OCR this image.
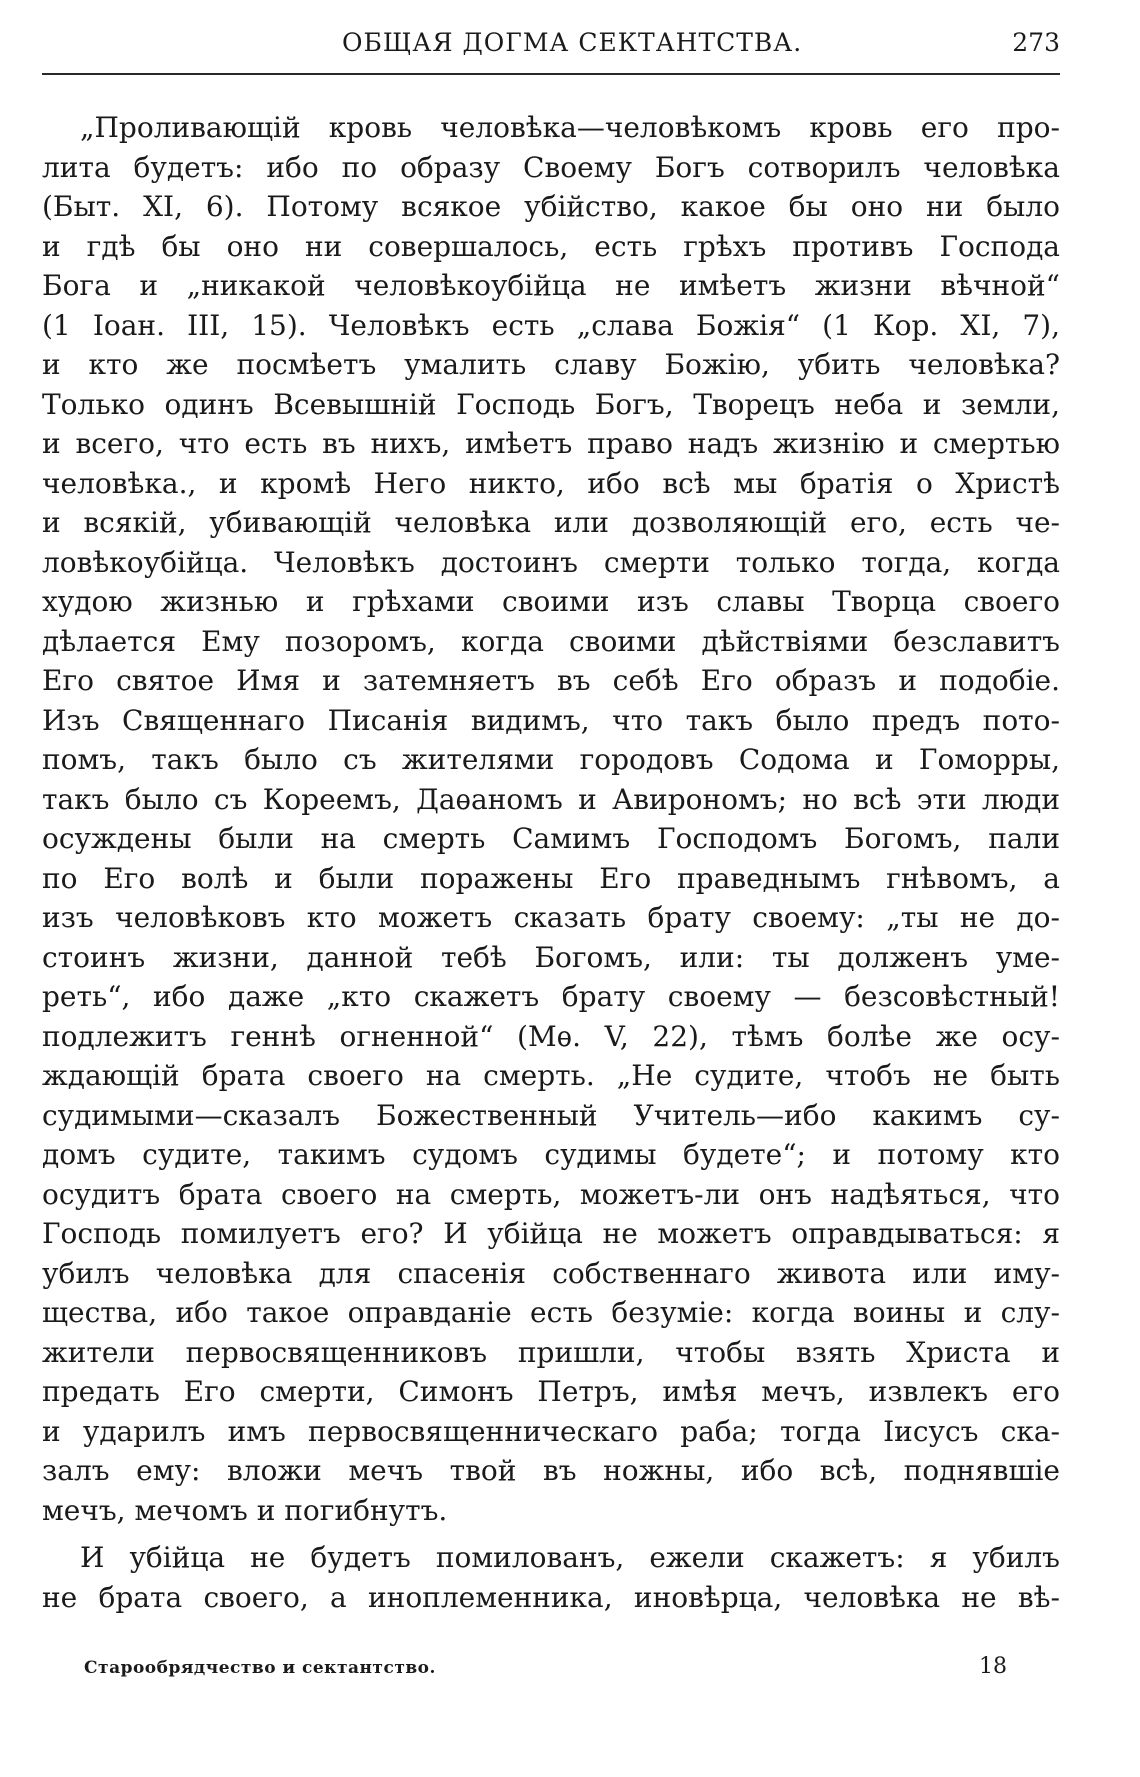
ОБЩАЯ ДОГМА СЕКТАНТСТВА.	273
„Проливающій кровь человѣка—человѣкомъ кровь его про-
лита будетъ: ибо по образу Своему Богъ сотворилъ человѣка
(Быт. XI, 6). Потому всякое убійство, какое бы оно ни было
и гдѣ бы оно ни совершалось, есть грѣхъ противъ Господа
Бога и „никакой человѣкоубійца не имѣетъ жизни вѣчной“
(1 Іоан. III, 15). Человѣкъ есть „слава Божія“ (1 Кор. XI, 7),
и кто же посмѣетъ умалить славу Божію, убить человѣка?
Только одинъ Всевышній Господь Богъ, Творецъ неба и земли,
и всего, что есть въ нихъ, имѣетъ право надъ жизнію и смертью
человѣка., и кромѣ Него никто, ибо всѣ мы братія о Христѣ
и всякій, убивающій человѣка или дозволяющій его, есть че-
ловѣкоубійца. Человѣкъ достоинъ смерти только тогда, когда
худою жизнью и грѣхами своими изъ славы Творца своего
дѣлается Ему позоромъ, когда своими дѣйствіями безславитъ
Его святое Имя и затемняетъ въ себѣ Его образъ и подобіе.
Изъ Священнаго Писанія видимъ, что такъ было предъ пото-
помъ, такъ было съ жителями городовъ Содома и Гоморры,
такъ было съ Кореемъ, Даѳаномъ и Авирономъ; но всѣ эти люди
осуждены были на смерть Самимъ Господомъ Богомъ, пали
по Его волѣ и были поражены Его праведнымъ гнѣвомъ, а
изъ человѣковъ кто можетъ сказать брату своему: „ты не до-
стоинъ жизни, данной тебѣ Богомъ, или: ты долженъ уме-
реть“, ибо даже „кто скажетъ брату своему — безсовѣстный!
подлежитъ геннѣ огненной“ (Мѳ. V, 22), тѣмъ болѣе же осу-
ждающій брата своего на смерть. „Не судите, чтобъ не быть
судимыми—сказалъ Божественный Учитель—ибо какимъ су-
домъ судите, такимъ судомъ судимы будете“; и потому кто
осудитъ брата своего на смерть, можетъ-ли онъ надѣяться, что
Господь помилуетъ его? И убійца не можетъ оправдываться: я
убилъ человѣка для спасенія собственнаго живота или иму-
щества, ибо такое оправданіе есть безуміе: когда воины и слу-
жители первосвященниковъ пришли, чтобы взять Христа и
предать Его смерти, Симонъ Петръ, имѣя мечъ, извлекъ его
и ударилъ имъ первосвященническаго раба; тогда Іисусъ ска-
залъ ему: вложи мечъ твой въ ножны, ибо всѣ, поднявшіе
мечъ, мечомъ и погибнутъ.
И убійца не будетъ помилованъ, ежели скажетъ: я убилъ
не брата своего, а иноплеменника, иновѣрца, человѣка не вѣ-
Старообрядчество и сектантство.	18
